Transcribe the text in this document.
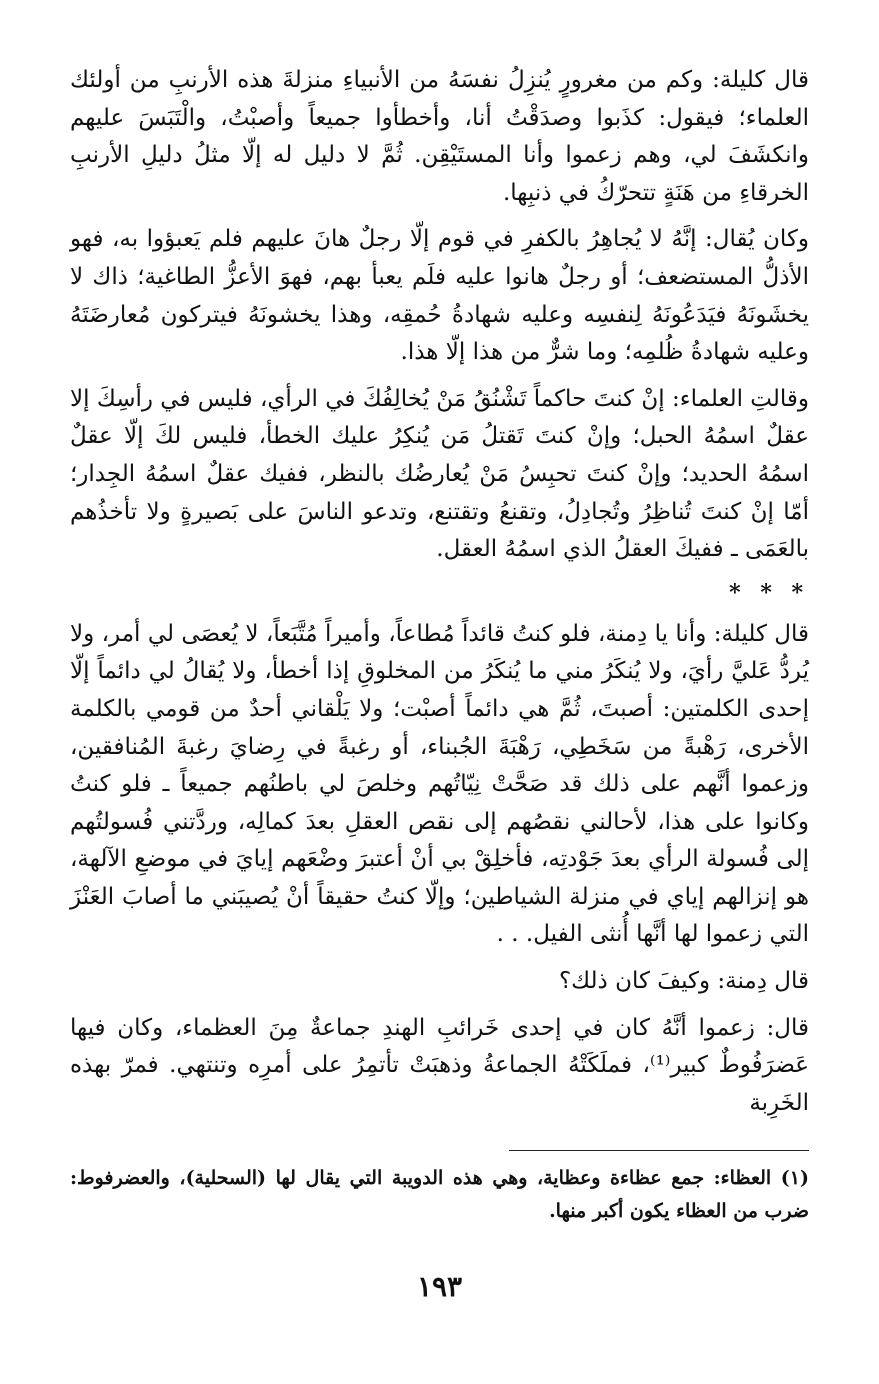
قال كليلة: وكم من مغرورٍ يُنزِلُ نفسَهُ من الأنبياءِ منزلةَ هذه الأرنبِ من أولئك العلماء؛ فيقول: كذَبوا وصدَقْتُ أنا، وأخطأوا جميعاً وأصبْتُ، والْتَبَسَ عليهم وانكشَفَ لي، وهم زعموا وأنا المستَيْقِن. ثُمَّ لا دليل له إلّا مثلُ دليلِ الأرنبِ الخرقاءِ من هَنَةٍ تتحرّكُ في ذنبِها.

وكان يُقال: إنَّهُ لا يُجاهِرُ بالكفرِ في قوم إلّا رجلٌ هانَ عليهم فلم يَعبؤوا به، فهو الأذلُّ المستضعف؛ أو رجلٌ هانوا عليه فلَم يعبأ بهم، فهوَ الأعزُّ الطاغية؛ ذاك لا يخشَونَهُ فيَدَعُونَهُ لِنفسِه وعليه شهادةُ حُمقِه، وهذا يخشونَهُ فيتركون مُعارضَتَهُ وعليه شهادةُ ظُلمِه؛ وما شرٌّ من هذا إلّا هذا.

وقالتِ العلماء: إنْ كنتَ حاكماً تَشْنُقُ مَنْ يُخالِفُكَ في الرأي، فليس في رأسِكَ إلا عقلٌ اسمُهُ الحبل؛ وإنْ كنتَ تَقتلُ مَن يُنكِرُ عليك الخطأ، فليس لكَ إلّا عقلٌ اسمُهُ الحديد؛ وإنْ كنتَ تحبِسُ مَنْ يُعارضُك بالنظر، ففيك عقلٌ اسمُهُ الجِدار؛ أمّا إنْ كنتَ تُناظِرُ وتُجادِلُ، وتقنعُ وتقتنع، وتدعو الناسَ على بَصيرةٍ ولا تأخذُهم بالعَمَى ـ ففيكَ العقلُ الذي اسمُهُ العقل.

* * *

قال كليلة: وأنا يا دِمنة، فلو كنتُ قائداً مُطاعاً، وأميراً مُتَّبَعاً، لا يُعصَى لي أمر، ولا يُردُّ عَليَّ رأيَ، ولا يُنكَرُ مني ما يُنكَرُ من المخلوقِ إذا أخطأ، ولا يُقالُ لي دائماً إلّا إحدى الكلمتين: أصبتَ، ثُمَّ هي دائماً أصبْت؛ ولا يَلْقاني أحدٌ من قومي بالكلمة الأخرى، رَهْبةً من سَخَطِي، رَهْبَةَ الجُبناء، أو رغبةً في رِضايَ رغبةَ المُنافقين، وزعموا أنَّهم على ذلك قد صَحَّتْ نِيّاتُهم وخلصَ لي باطنُهم جميعاً ـ فلو كنتُ وكانوا على هذا، لأحالني نقصُهم إلى نقص العقلِ بعدَ كمالِه، وردَّتني فُسولتُهم إلى فُسولة الرأي بعدَ جَوْدتِه، فأخلِقْ بي أنْ أعتبرَ وضْعَهم إيايَ في موضعِ الآلهة، هو إنزالهم إياي في منزلة الشياطين؛ وإلّا كنتُ حقيقاً أنْ يُصيبَني ما أصابَ العَنْزَ التي زعموا لها أنَّها أُنثى الفيل. . .

قال دِمنة: وكيفَ كان ذلك؟

قال: زعموا أنَّهُ كان في إحدى خَرائبِ الهندِ جماعةٌ مِنَ العظماء، وكان فيها عَضرَفُوطٌ كبير⁽¹⁾، فملَكَتْهُ الجماعةُ وذهبَتْ تأتمِرُ على أمرِه وتنتهي. فمرّ بهذه الخَرِبة

(١) العظاء: جمع عظاءة وعظاية، وهي هذه الدويبة التي يقال لها (السحلية)، والعضرفوط: ضرب من العظاء يكون أكبر منها.
١٩٣
